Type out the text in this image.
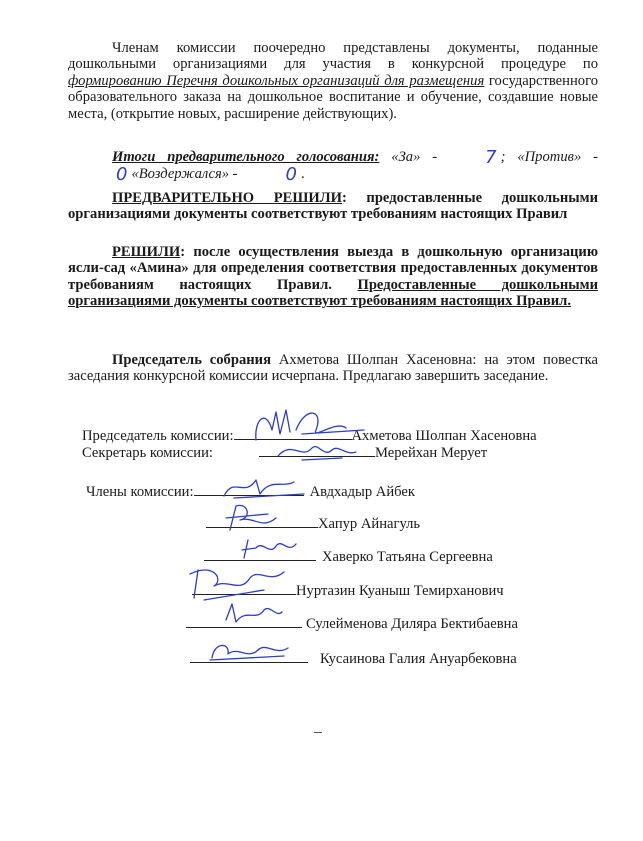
Членам комиссии поочередно представлены документы, поданные дошкольными организациями для участия в конкурсной процедуре по формированию Перечня дошкольных организаций для размещения государственного образовательного заказа на дошкольное воспитание и обучение, создавшие новые места, (открытие новых, расширение действующих).

Итоги предварительного голосования: «За» -	7 ; «Против» -0 «Воздержался» -	0 .

ПРЕДВАРИТЕЛЬНО РЕШИЛИ: предоставленные дошкольными организациями документы соответствуют требованиям настоящих Правил

РЕШИЛИ: после осуществления выезда в дошкольную организацию ясли-сад «Амина» для определения соответствия предоставленных документов требованиям настоящих Правил. Предоставленные дошкольными организациями документы соответствуют требованиям настоящих Правил.

Председатель собрания Ахметова Шолпан Хасеновна: на этом повестка заседания конкурсной комиссии исчерпана. Предлагаю завершить заседание.

Председатель комиссии:	Ахметова Шолпан Хасеновна
Секретарь комиссии:	Мерейхан Мерует
Члены комиссии:	Авдхадыр Айбек
Хапур Айнагуль
Хаверко Татьяна Сергеевна
Нуртазин Куаныш Темирханович
Сулейменова Диляра Бектибаевна
Кусаинова Галия Ануарбековна
